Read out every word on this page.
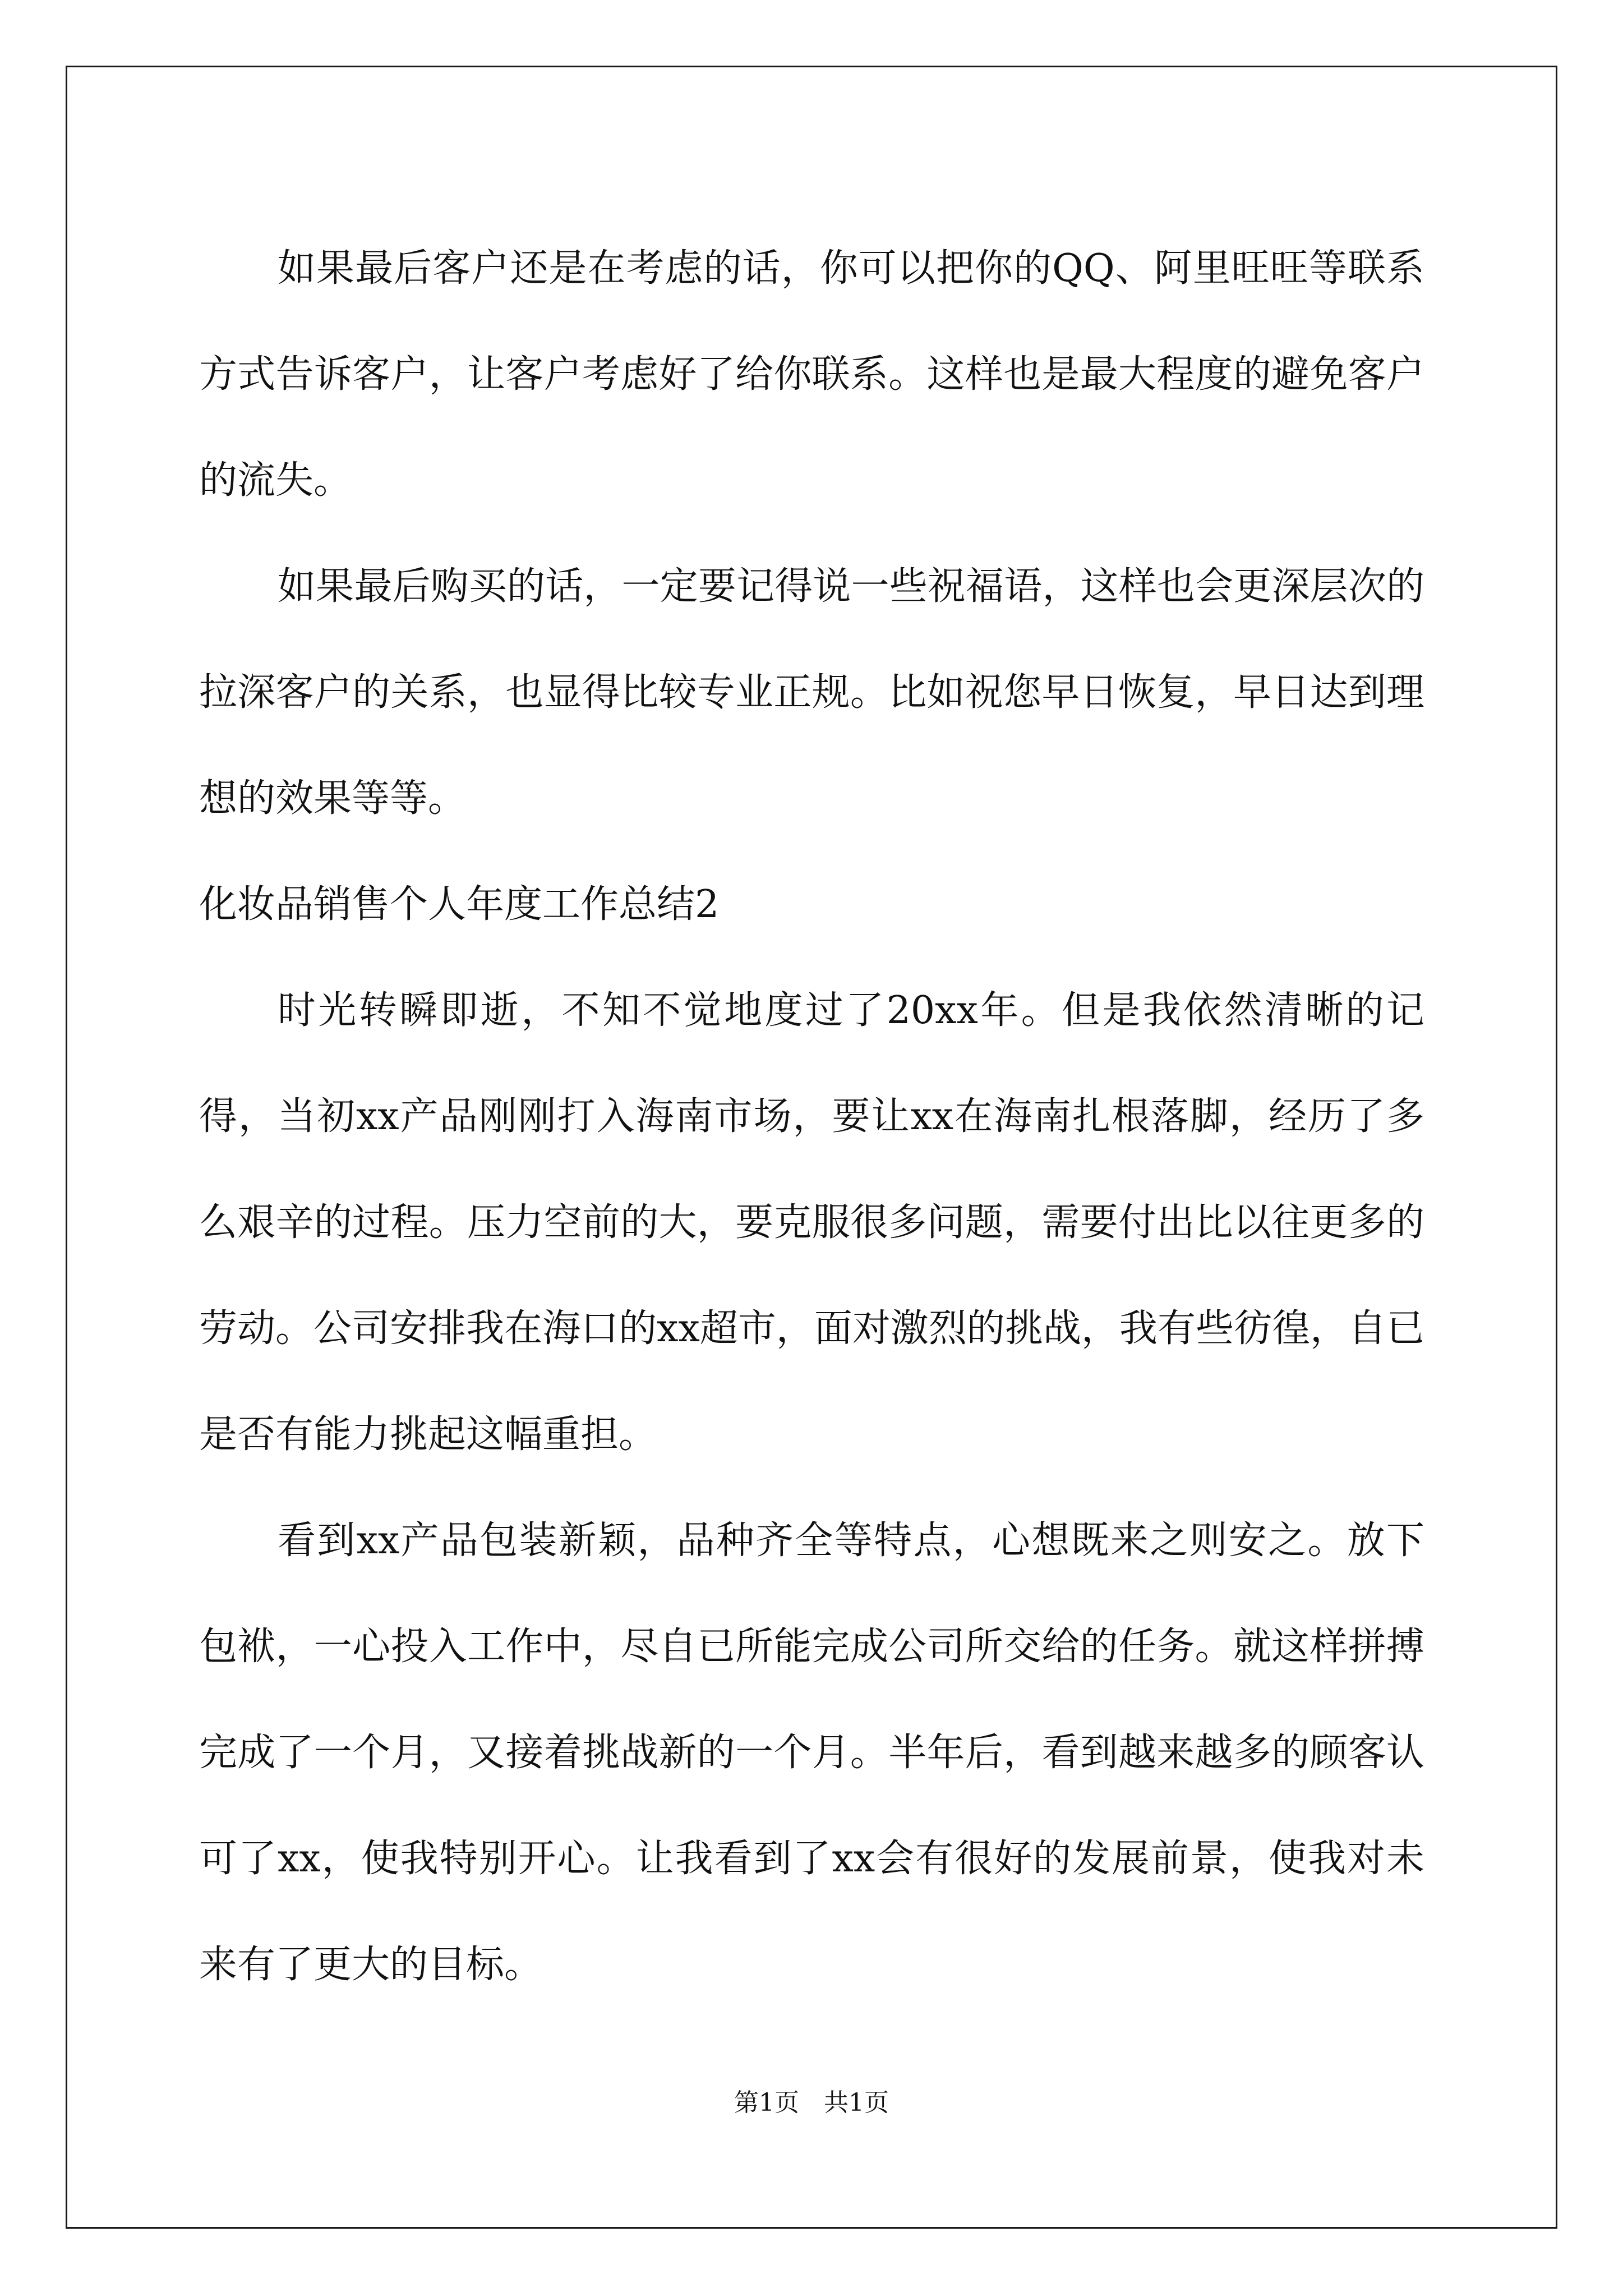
如果最后客户还是在考虑的话，你可以把你的QQ、阿里旺旺等联系方式告诉客户，让客户考虑好了给你联系。这样也是最大程度的避免客户的流失。

如果最后购买的话，一定要记得说一些祝福语，这样也会更深层次的拉深客户的关系，也显得比较专业正规。比如祝您早日恢复，早日达到理想的效果等等。

化妆品销售个人年度工作总结2

时光转瞬即逝，不知不觉地度过了20xx年。但是我依然清晰的记得，当初xx产品刚刚打入海南市场，要让xx在海南扎根落脚，经历了多么艰辛的过程。压力空前的大，要克服很多问题，需要付出比以往更多的劳动。公司安排我在海口的xx超市，面对激烈的挑战，我有些彷徨，自已是否有能力挑起这幅重担。

看到xx产品包装新颖，品种齐全等特点，心想既来之则安之。放下包袱，一心投入工作中，尽自已所能完成公司所交给的任务。就这样拼搏完成了一个月，又接着挑战新的一个月。半年后，看到越来越多的顾客认可了xx，使我特别开心。让我看到了xx会有很好的发展前景，使我对未来有了更大的目标。

第1页　共1页
